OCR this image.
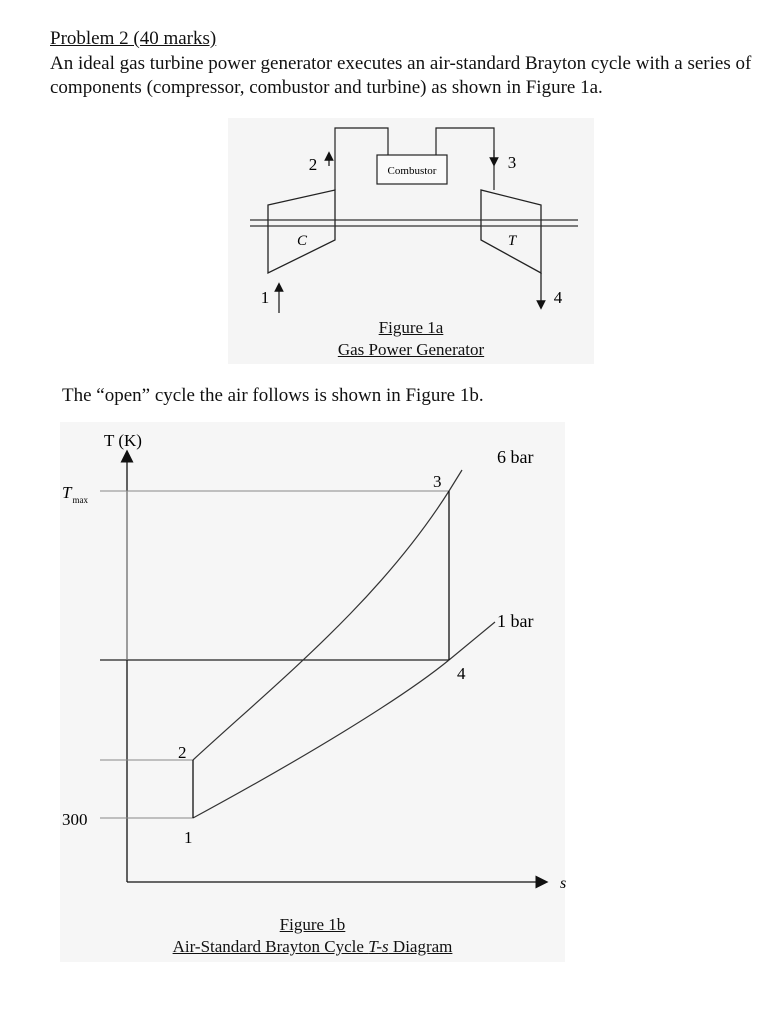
Problem 2 (40 marks)

An ideal gas turbine power generator executes an air-standard Brayton cycle with a series of components (compressor, combustor and turbine) as shown in Figure 1a.

Combustor
C	T
1
2	3
4
Figure 1a
Gas Power Generator

The “open” cycle the air follows is shown in Figure 1b.

T (K)
s
$T_{max}$
300
6 bar
1 bar
1
2
3
4
Figure 1b
Air-Standard Brayton Cycle T-s Diagram
